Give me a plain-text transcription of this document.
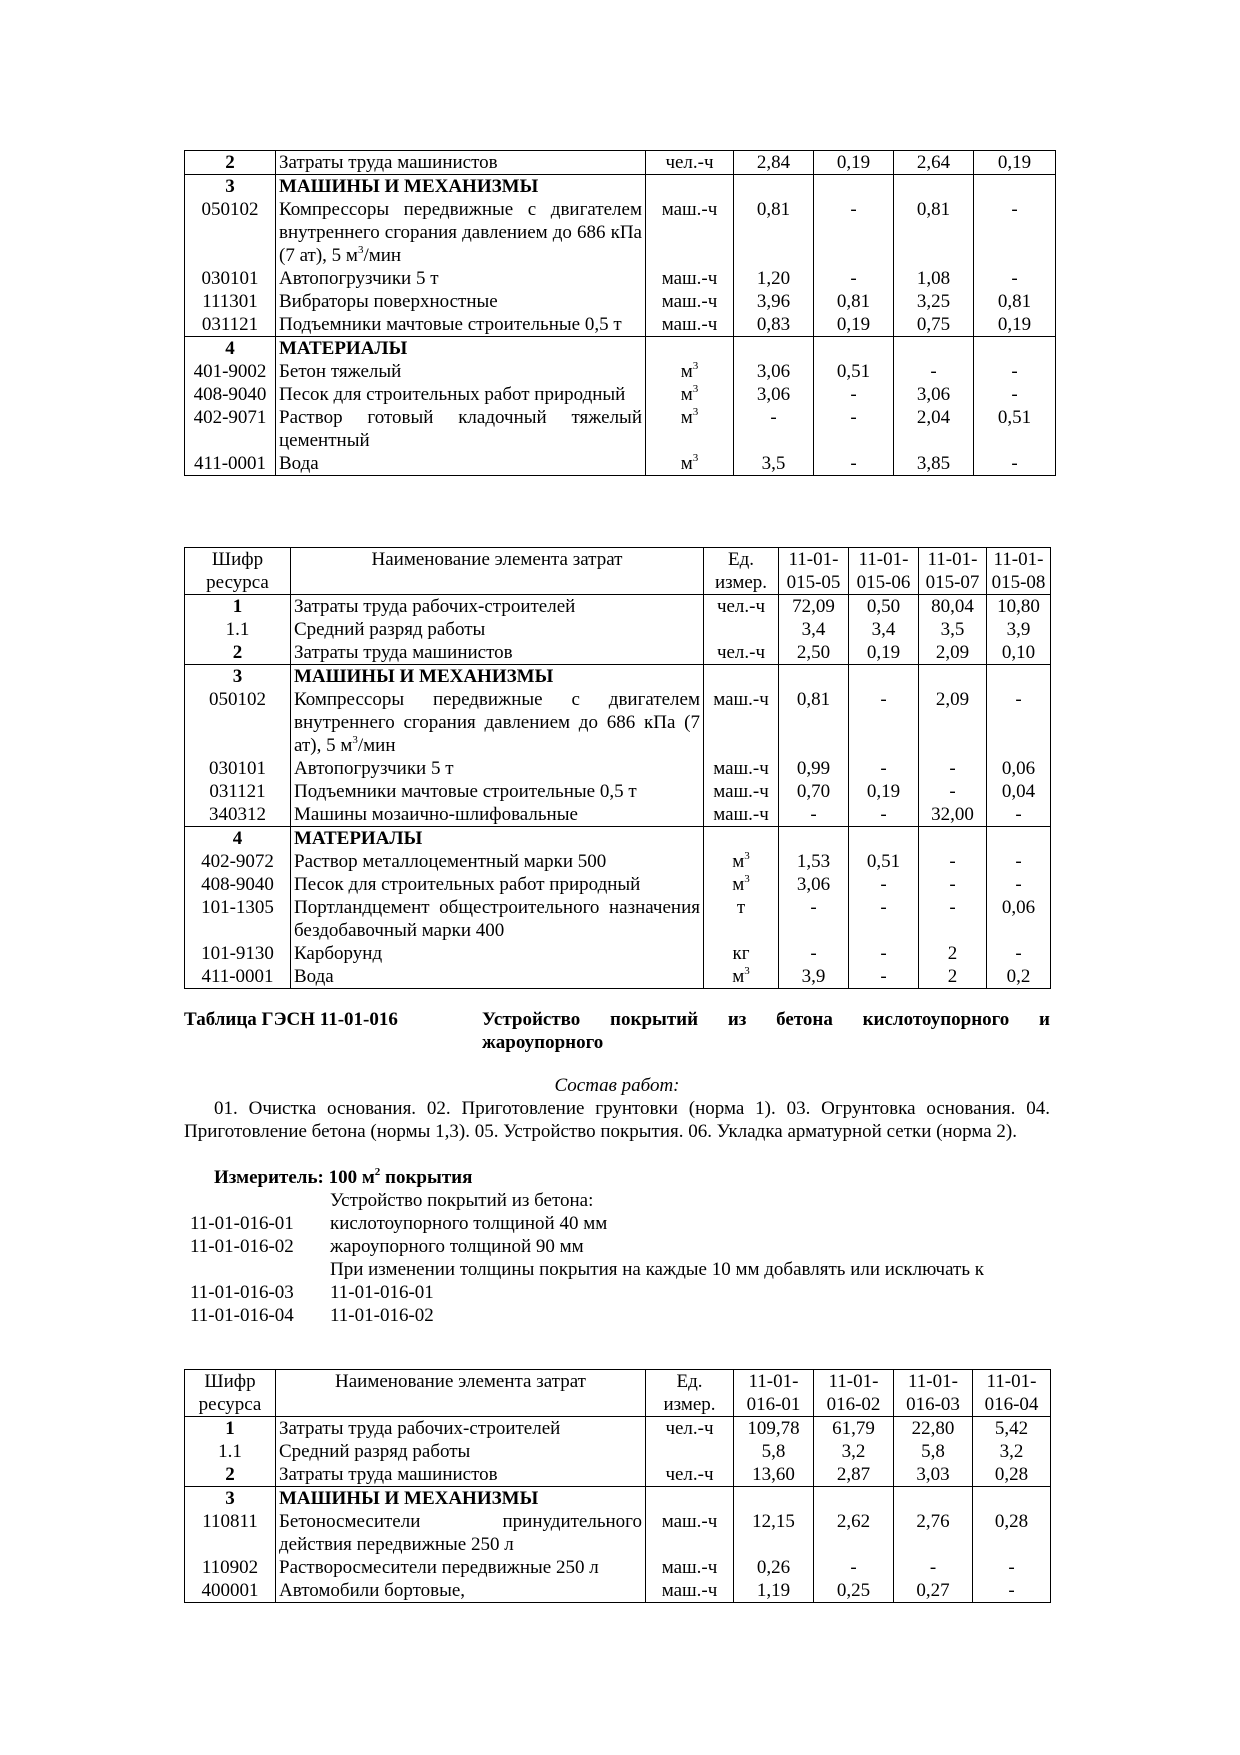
2	Затраты труда машинистов	чел.-ч	2,84	0,19	2,64	0,19
3	МАШИНЫ И МЕХАНИЗМЫ					
050102	Компрессоры передвижные с двигателем внутреннего сгорания давлением до 686 кПа (7 ат), 5 $м^3$/мин	маш.-ч	0,81	-	0,81	-
030101	Автопогрузчики 5 т	маш.-ч	1,20	-	1,08	-
111301	Вибраторы поверхностные	маш.-ч	3,96	0,81	3,25	0,81
031121	Подъемники мачтовые строительные 0,5 т	маш.-ч	0,83	0,19	0,75	0,19
4	МАТЕРИАЛЫ					
401-9002	Бетон тяжелый	$м^3$	3,06	0,51	-	-
408-9040	Песок для строительных работ природный	$м^3$	3,06	-	3,06	-
402-9071	Раствор готовый кладочный тяжелый цементный	$м^3$	-	-	2,04	0,51
411-0001	Вода	$м^3$	3,5	-	3,85	-
Шифр ресурса	Наименование элемента затрат	Ед. измер.	11-01-015-05	11-01-015-06	11-01-015-07	11-01-015-08
1	Затраты труда рабочих-строителей	чел.-ч	72,09	0,50	80,04	10,80
1.1	Средний разряд работы		3,4	3,4	3,5	3,9
2	Затраты труда машинистов	чел.-ч	2,50	0,19	2,09	0,10
3	МАШИНЫ И МЕХАНИЗМЫ					
050102	Компрессоры передвижные с двигателем внутреннего сгорания давлением до 686 кПа (7 ат), 5 $м^3$/мин	маш.-ч	0,81	-	2,09	-
030101	Автопогрузчики 5 т	маш.-ч	0,99	-	-	0,06
031121	Подъемники мачтовые строительные 0,5 т	маш.-ч	0,70	0,19	-	0,04
340312	Машины мозаично-шлифовальные	маш.-ч	-	-	32,00	-
4	МАТЕРИАЛЫ					
402-9072	Раствор металлоцементный марки 500	$м^3$	1,53	0,51	-	-
408-9040	Песок для строительных работ природный	$м^3$	3,06	-	-	-
101-1305	Портландцемент общестроительного назначения бездобавочный марки 400	т	-	-	-	0,06
101-9130	Карборунд	кг	-	-	2	-
411-0001	Вода	$м^3$	3,9	-	2	0,2
Таблица ГЭСН 11-01-016	Устройство покрытий из бетона кислотоупорного и
жароупорного
Состав работ:
01. Очистка основания. 02. Приготовление грунтовки (норма 1). 03. Огрунтовка основания. 04. Приготовление бетона (нормы 1,3). 05. Устройство покрытия. 06. Укладка арматурной сетки (норма 2).
Измеритель: 100 $м^2$ покрытия
Устройство покрытий из бетона:
11-01-016-01 кислотоупорного толщиной 40 мм
11-01-016-02 жароупорного толщиной 90 мм
При изменении толщины покрытия на каждые 10 мм добавлять или исключать к
11-01-016-03 11-01-016-01
11-01-016-04 11-01-016-02
Шифр ресурса	Наименование элемента затрат	Ед. измер.	11-01-016-01	11-01-016-02	11-01-016-03	11-01-016-04
1	Затраты труда рабочих-строителей	чел.-ч	109,78	61,79	22,80	5,42
1.1	Средний разряд работы		5,8	3,2	5,8	3,2
2	Затраты труда машинистов	чел.-ч	13,60	2,87	3,03	0,28
3	МАШИНЫ И МЕХАНИЗМЫ					
110811	Бетоносмесители принудительного действия передвижные 250 л	маш.-ч	12,15	2,62	2,76	0,28
110902	Растворосмесители передвижные 250 л	маш.-ч	0,26	-	-	-
400001	Автомобили бортовые,	маш.-ч	1,19	0,25	0,27	-
